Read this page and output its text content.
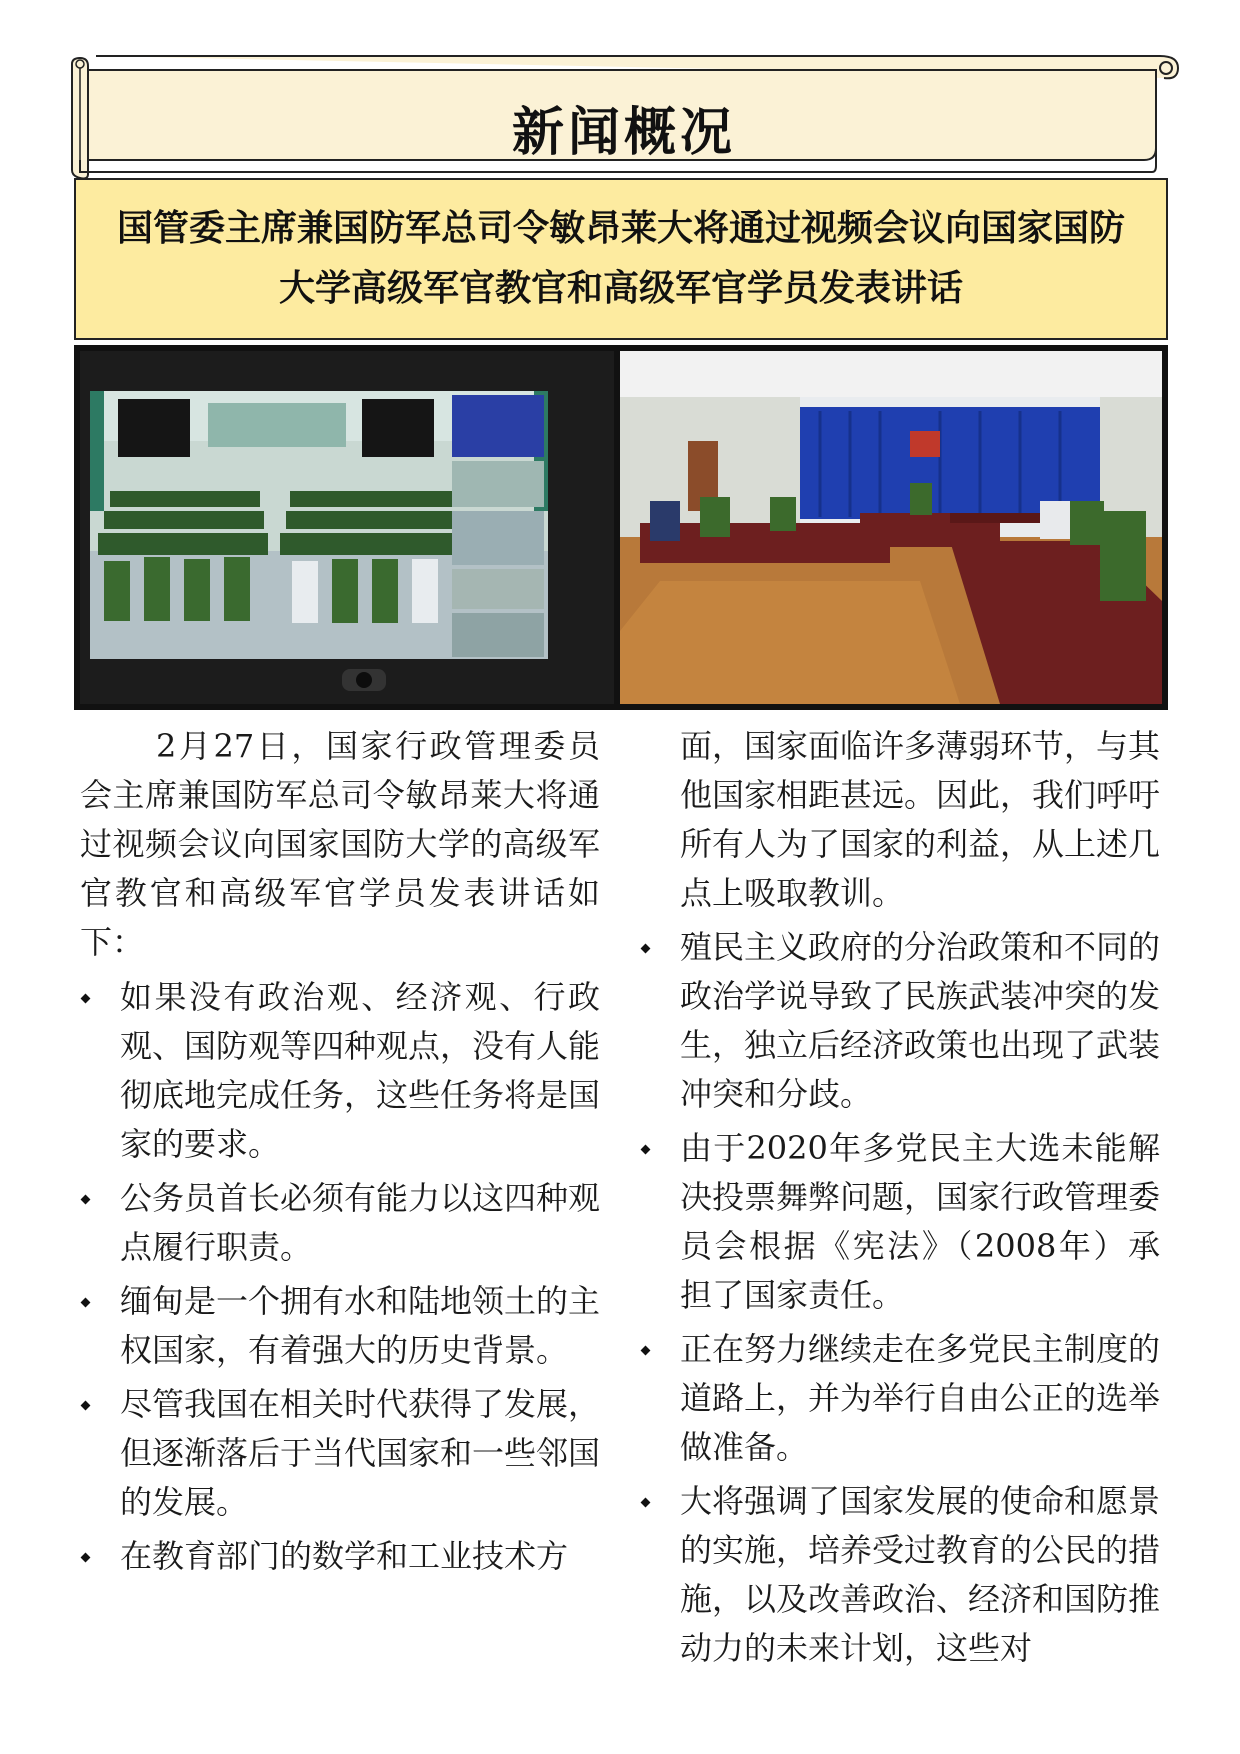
新闻概况
国管委主席兼国防军总司令敏昂莱大将通过视频会议向国家国防
大学高级军官教官和高级军官学员发表讲话

2月27日，国家行政管理委员会主席兼国防军总司令敏昂莱大将通过视频会议向国家国防大学的高级军官教官和高级军官学员发表讲话如下：

如果没有政治观、经济观、行政观、国防观等四种观点，没有人能彻底地完成任务，这些任务将是国家的要求。
公务员首长必须有能力以这四种观点履行职责。
缅甸是一个拥有水和陆地领土的主权国家，有着强大的历史背景。
尽管我国在相关时代获得了发展，但逐渐落后于当代国家和一些邻国的发展。
在教育部门的数学和工业技术方

面，国家面临许多薄弱环节，与其他国家相距甚远。因此，我们呼吁所有人为了国家的利益，从上述几点上吸取教训。

殖民主义政府的分治政策和不同的政治学说导致了民族武装冲突的发生，独立后经济政策也出现了武装冲突和分歧。
由于2020年多党民主大选未能解决投票舞弊问题，国家行政管理委员会根据《宪法》（2008年）承担了国家责任。
正在努力继续走在多党民主制度的道路上，并为举行自由公正的选举做准备。
大将强调了国家发展的使命和愿景的实施，培养受过教育的公民的措施，以及改善政治、经济和国防推动力的未来计划，这些对
